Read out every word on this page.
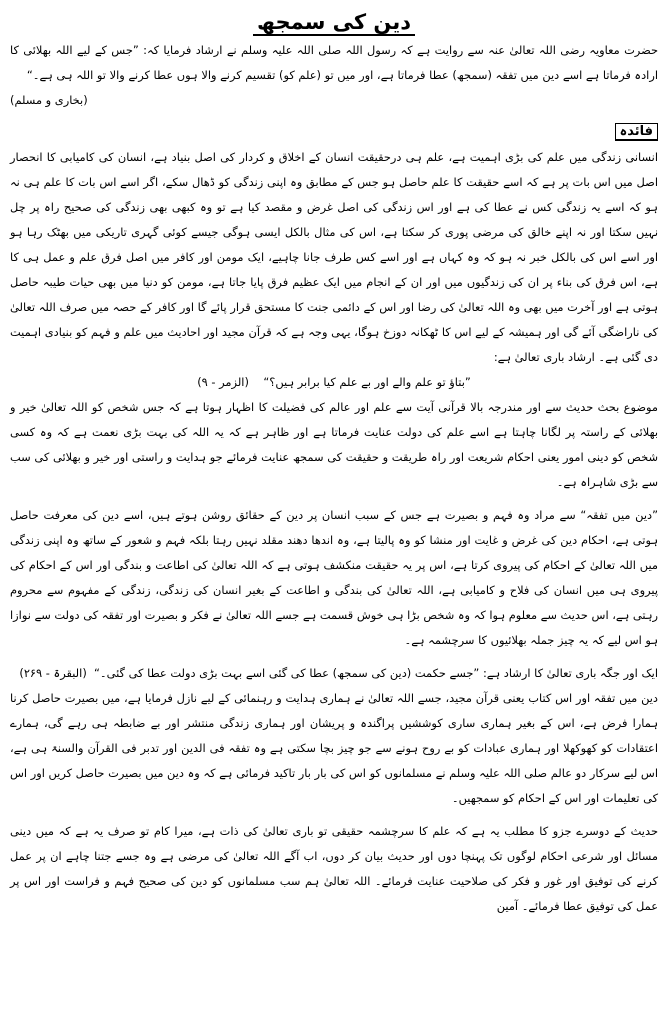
دین کی سمجھ

حضرت معاویہ رضی اللہ تعالیٰ عنہ سے روایت ہے کہ رسول اللہ صلی اللہ علیہ وسلم نے ارشاد فرمایا کہ: ”جس کے لیے اللہ بھلائی کا ارادہ فرماتا ہے اسے دین میں تفقہ (سمجھ) عطا فرماتا ہے، اور میں تو (علم کو) تقسیم کرنے والا ہوں عطا کرنے والا تو اللہ ہی ہے۔“

(بخاری و مسلم)

فائدہ

انسانی زندگی میں علم کی بڑی اہمیت ہے، علم ہی درحقیقت انسان کے اخلاق و کردار کی اصل بنیاد ہے، انسان کی کامیابی کا انحصار اصل میں اس بات پر ہے کہ اسے حقیقت کا علم حاصل ہو جس کے مطابق وہ اپنی زندگی کو ڈھال سکے، اگر اسے اس بات کا علم ہی نہ ہو کہ اسے یہ زندگی کس نے عطا کی ہے اور اس زندگی کی اصل غرض و مقصد کیا ہے تو وہ کبھی بھی زندگی کی صحیح راہ پر چل نہیں سکتا اور نہ اپنے خالق کی مرضی پوری کر سکتا ہے، اس کی مثال بالکل ایسی ہوگی جیسے کوئی گہری تاریکی میں بھٹک رہا ہو اور اسے اس کی بالکل خبر نہ ہو کہ وہ کہاں ہے اور اسے کس طرف جانا چاہیے، ایک مومن اور کافر میں اصل فرق علم و عمل ہی کا ہے، اس فرق کی بناء پر ان کی زندگیوں میں اور ان کے انجام میں ایک عظیم فرق پایا جاتا ہے، مومن کو دنیا میں بھی حیات طیبہ حاصل ہوتی ہے اور آخرت میں بھی وہ اللہ تعالیٰ کی رضا اور اس کے دائمی جنت کا مستحق قرار پائے گا اور کافر کے حصہ میں صرف اللہ تعالیٰ کی ناراضگی آئے گی اور ہمیشہ کے لیے اس کا ٹھکانہ دوزخ ہوگا، یہی وجہ ہے کہ قرآن مجید اور احادیث میں علم و فہم کو بنیادی اہمیت دی گئی ہے۔ ارشاد باری تعالیٰ ہے:

”بتاؤ تو علم والے اور بے علم کیا برابر ہیں؟“    (الزمر - ۹)

موضوع بحث حدیث سے اور مندرجہ بالا قرآنی آیت سے علم اور عالم کی فضیلت کا اظہار ہوتا ہے کہ جس شخص کو اللہ تعالیٰ خیر و بھلائی کے راستہ پر لگانا چاہتا ہے اسے علم کی دولت عنایت فرماتا ہے اور ظاہر ہے کہ یہ اللہ کی بہت بڑی نعمت ہے کہ وہ کسی شخص کو دینی امور یعنی احکام شریعت اور راہ طریقت و حقیقت کی سمجھ عنایت فرمائے جو ہدایت و راستی اور خیر و بھلائی کی سب سے بڑی شاہراہ ہے۔

”دین میں تفقہ“ سے مراد وہ فہم و بصیرت ہے جس کے سبب انسان پر دین کے حقائق روشن ہوتے ہیں، اسے دین کی معرفت حاصل ہوتی ہے، احکام دین کی غرض و غایت اور منشا کو وہ پالیتا ہے، وہ اندھا دھند مقلد نہیں رہتا بلکہ فہم و شعور کے ساتھ وہ اپنی زندگی میں اللہ تعالیٰ کے احکام کی پیروی کرتا ہے، اس پر یہ حقیقت منکشف ہوتی ہے کہ اللہ تعالیٰ کی اطاعت و بندگی اور اس کے احکام کی پیروی ہی میں انسان کی فلاح و کامیابی ہے، اللہ تعالیٰ کی بندگی و اطاعت کے بغیر انسان کی زندگی، زندگی کے مفہوم سے محروم رہتی ہے، اس حدیث سے معلوم ہوا کہ وہ شخص بڑا ہی خوش قسمت ہے جسے اللہ تعالیٰ نے فکر و بصیرت اور تفقہ کی دولت سے نوازا ہو اس لیے کہ یہ چیز جملہ بھلائیوں کا سرچشمہ ہے۔

ایک اور جگہ باری تعالیٰ کا ارشاد ہے: ”جسے حکمت (دین کی سمجھ) عطا کی گئی اسے بہت بڑی دولت عطا کی گئی۔“  (البقرۃ - ۲۶۹)

دین میں تفقہ اور اس کتاب یعنی قرآن مجید، جسے اللہ تعالیٰ نے ہماری ہدایت و رہنمائی کے لیے نازل فرمایا ہے، میں بصیرت حاصل کرنا ہمارا فرض ہے، اس کے بغیر ہماری ساری کوششیں پراگندہ و پریشان اور ہماری زندگی منتشر اور بے ضابطہ ہی رہے گی، ہمارے اعتقادات کو کھوکھلا اور ہماری عبادات کو بے روح ہونے سے جو چیز بچا سکتی ہے وہ تفقہ فی الدین اور تدبر فی القرآن والسنۃ ہی ہے، اس لیے سرکار دو عالم صلی اللہ علیہ وسلم نے مسلمانوں کو اس کی بار بار تاکید فرمائی ہے کہ وہ دین میں بصیرت حاصل کریں اور اس کی تعلیمات اور اس کے احکام کو سمجھیں۔

حدیث کے دوسرے جزو کا مطلب یہ ہے کہ علم کا سرچشمہ حقیقی تو باری تعالیٰ کی ذات ہے، میرا کام تو صرف یہ ہے کہ میں دینی مسائل اور شرعی احکام لوگوں تک پہنچا دوں اور حدیث بیان کر دوں، اب آگے اللہ تعالیٰ کی مرضی ہے وہ جسے جتنا چاہے ان پر عمل کرنے کی توفیق اور غور و فکر کی صلاحیت عنایت فرمائے۔ اللہ تعالیٰ ہم سب مسلمانوں کو دین کی صحیح فہم و فراست اور اس پر عمل کی توفیق عطا فرمائے۔ آمین
